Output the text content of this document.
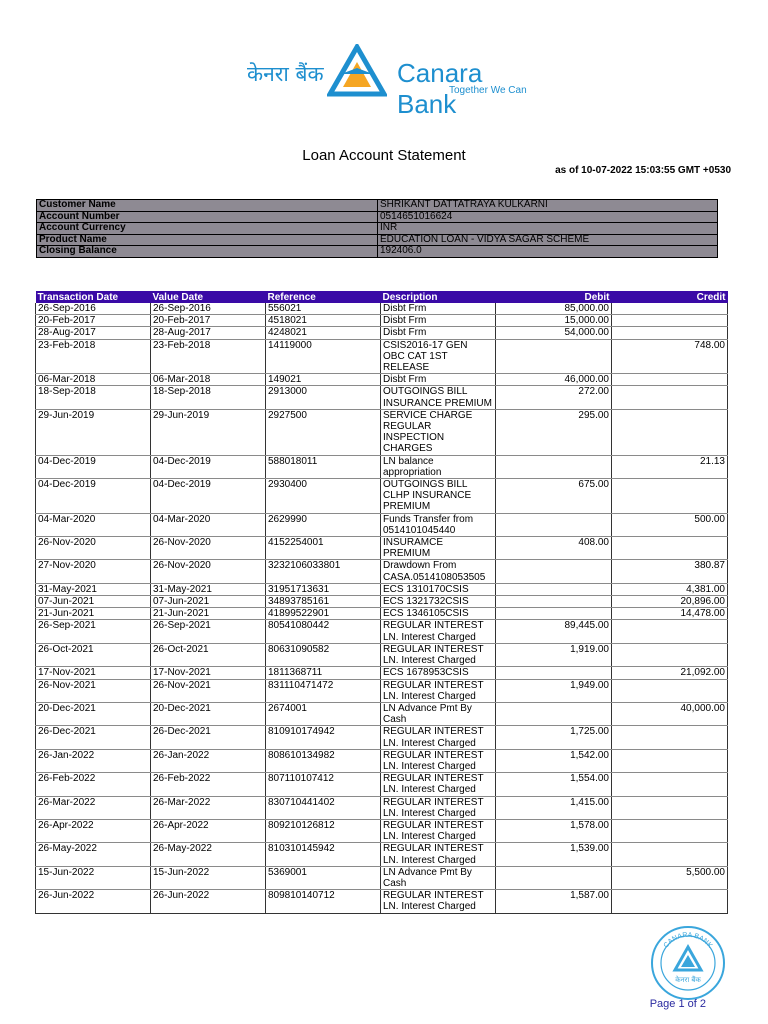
केनरा बैंक	Canara Bank
Together We Can
Loan Account Statement
as of 10-07-2022 15:03:55 GMT +0530
Customer Name	SHRIKANT DATTATRAYA KULKARNI
Account Number	0514651016624
Account Currency	INR
Product Name	EDUCATION LOAN - VIDYA SAGAR SCHEME
Closing Balance	192406.0
Transaction Date	Value Date	Reference	Description	Debit	Credit
26-Sep-2016	26-Sep-2016	556021	Disbt Frm	85,000.00	
20-Feb-2017	20-Feb-2017	4518021	Disbt Frm	15,000.00	
28-Aug-2017	28-Aug-2017	4248021	Disbt Frm	54,000.00	
23-Feb-2018	23-Feb-2018	14119000	CSIS2016-17 GEN
OBC CAT 1ST
RELEASE		748.00
06-Mar-2018	06-Mar-2018	149021	Disbt Frm	46,000.00	
18-Sep-2018	18-Sep-2018	2913000	OUTGOINGS BILL
INSURANCE PREMIUM	272.00	
29-Jun-2019	29-Jun-2019	2927500	SERVICE CHARGE
REGULAR
INSPECTION
CHARGES	295.00	
04-Dec-2019	04-Dec-2019	588018011	LN balance
appropriation		21.13
04-Dec-2019	04-Dec-2019	2930400	OUTGOINGS BILL
CLHP INSURANCE
PREMIUM	675.00	
04-Mar-2020	04-Mar-2020	2629990	Funds Transfer from
0514101045440		500.00
26-Nov-2020	26-Nov-2020	4152254001	INSURAMCE
PREMIUM	408.00	
27-Nov-2020	26-Nov-2020	3232106033801	Drawdown From
CASA.0514108053505		380.87
31-May-2021	31-May-2021	31951713631	ECS 1310170CSIS		4,381.00
07-Jun-2021	07-Jun-2021	34893785161	ECS 1321732CSIS		20,896.00
21-Jun-2021	21-Jun-2021	41899522901	ECS 1346105CSIS		14,478.00
26-Sep-2021	26-Sep-2021	80541080442	REGULAR INTEREST
LN. Interest Charged	89,445.00	
26-Oct-2021	26-Oct-2021	80631090582	REGULAR INTEREST
LN. Interest Charged	1,919.00	
17-Nov-2021	17-Nov-2021	1811368711	ECS 1678953CSIS		21,092.00
26-Nov-2021	26-Nov-2021	831110471472	REGULAR INTEREST
LN. Interest Charged	1,949.00	
20-Dec-2021	20-Dec-2021	2674001	LN Advance Pmt By
Cash		40,000.00
26-Dec-2021	26-Dec-2021	810910174942	REGULAR INTEREST
LN. Interest Charged	1,725.00	
26-Jan-2022	26-Jan-2022	808610134982	REGULAR INTEREST
LN. Interest Charged	1,542.00	
26-Feb-2022	26-Feb-2022	807110107412	REGULAR INTEREST
LN. Interest Charged	1,554.00	
26-Mar-2022	26-Mar-2022	830710441402	REGULAR INTEREST
LN. Interest Charged	1,415.00	
26-Apr-2022	26-Apr-2022	809210126812	REGULAR INTEREST
LN. Interest Charged	1,578.00	
26-May-2022	26-May-2022	810310145942	REGULAR INTEREST
LN. Interest Charged	1,539.00	
15-Jun-2022	15-Jun-2022	5369001	LN Advance Pmt By
Cash		5,500.00
26-Jun-2022	26-Jun-2022	809810140712	REGULAR INTEREST
LN. Interest Charged	1,587.00	
केनरा बैंक
CANARA BANK
Page 1 of 2
